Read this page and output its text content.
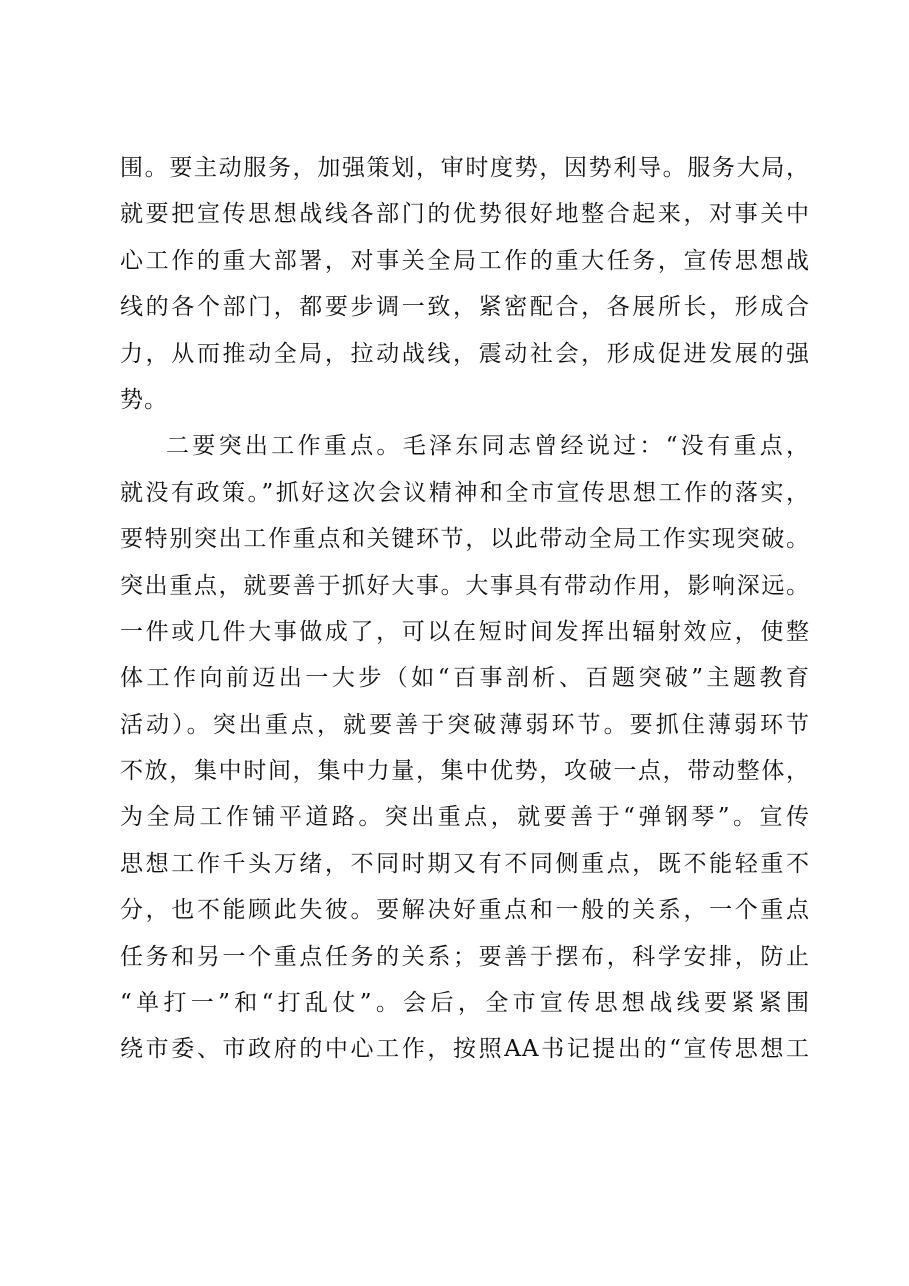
围。要主动服务，加强策划，审时度势，因势利导。服务大局，
就要把宣传思想战线各部门的优势很好地整合起来，对事关中
心工作的重大部署，对事关全局工作的重大任务，宣传思想战
线的各个部门，都要步调一致，紧密配合，各展所长，形成合
力，从而推动全局，拉动战线，震动社会，形成促进发展的强
势。
二要突出工作重点。毛泽东同志曾经说过：“没有重点，
就没有政策。”抓好这次会议精神和全市宣传思想工作的落实，
要特别突出工作重点和关键环节，以此带动全局工作实现突破。
突出重点，就要善于抓好大事。大事具有带动作用，影响深远。
一件或几件大事做成了，可以在短时间发挥出辐射效应，使整
体工作向前迈出一大步（如“百事剖析、百题突破”主题教育
活动）。突出重点，就要善于突破薄弱环节。要抓住薄弱环节
不放，集中时间，集中力量，集中优势，攻破一点，带动整体，
为全局工作铺平道路。突出重点，就要善于“弹钢琴”。宣传
思想工作千头万绪，不同时期又有不同侧重点，既不能轻重不
分，也不能顾此失彼。要解决好重点和一般的关系，一个重点
任务和另一个重点任务的关系；要善于摆布，科学安排，防止
“单打一”和“打乱仗”。会后，全市宣传思想战线要紧紧围
绕市委、市政府的中心工作，按照AA书记提出的“宣传思想工
